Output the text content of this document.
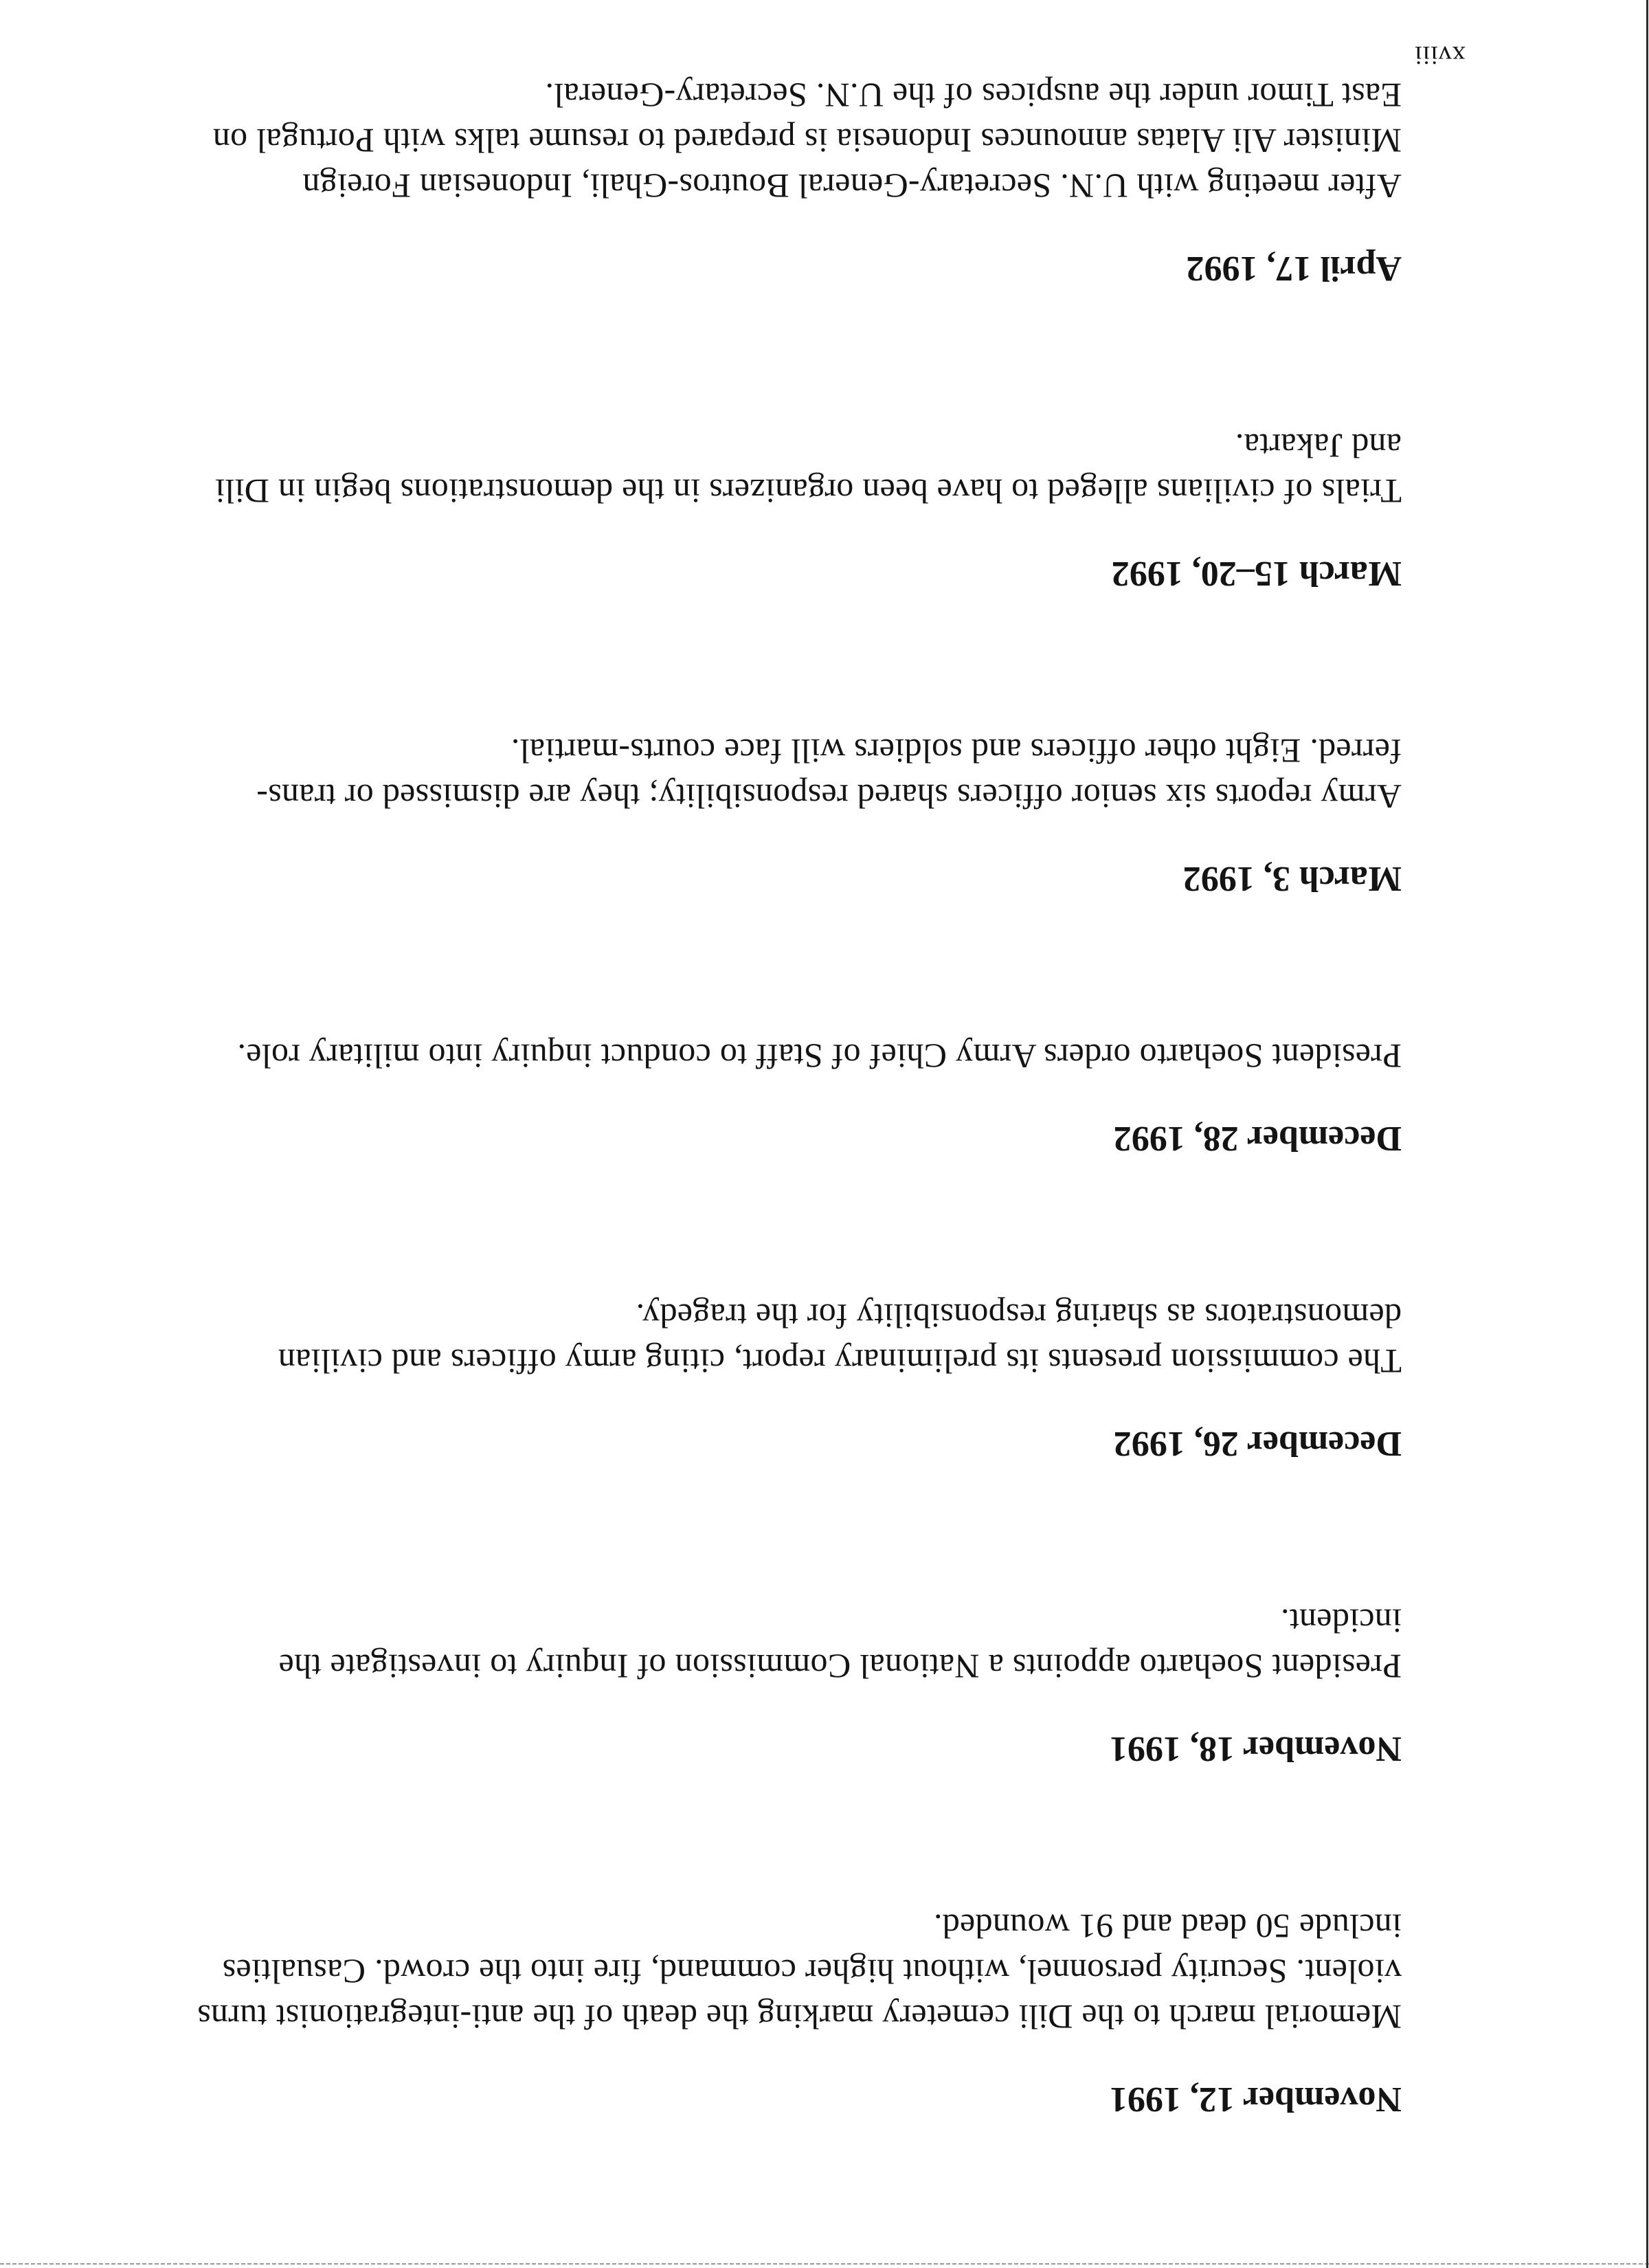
November 12, 1991

Memorial march to the Dili cemetery marking the death of the anti-integrationist turns violent. Security personnel, without higher command, fire into the crowd. Casualties include 50 dead and 91 wounded.

November 18, 1991

President Soeharto appoints a National Commission of Inquiry to investigate the incident.

December 26, 1992

The commission presents its preliminary report, citing army officers and civilian demonstrators as sharing responsibility for the tragedy.

December 28, 1992

President Soeharto orders Army Chief of Staff to conduct inquiry into military role.

March 3, 1992

Army reports six senior officers shared responsibility; they are dismissed or trans-ferred. Eight other officers and soldiers will face courts-martial.

March 15–20, 1992

Trials of civilians alleged to have been organizers in the demonstrations begin in Dili and Jakarta.

April 17, 1992

After meeting with U.N. Secretary-General Boutros-Ghali, Indonesian Foreign Minister Ali Alatas announces Indonesia is prepared to resume talks with Portugal on East Timor under the auspices of the U.N. Secretary-General.

xviii
